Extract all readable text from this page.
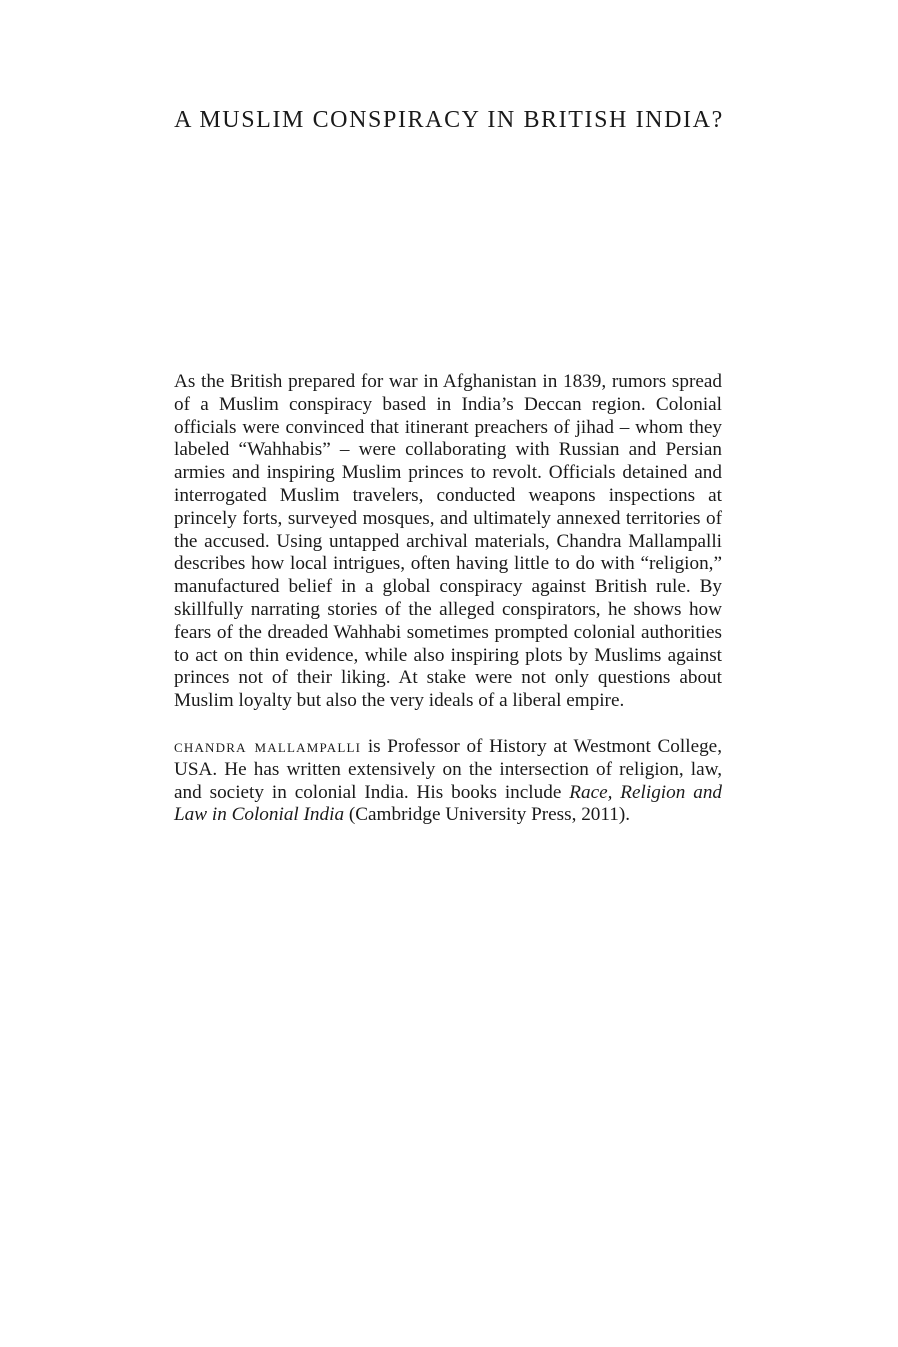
A MUSLIM CONSPIRACY IN BRITISH INDIA?

As the British prepared for war in Afghanistan in 1839, rumors spread of a Muslim conspiracy based in India’s Deccan region. Colonial officials were convinced that itinerant preachers of jihad – whom they labeled “Wahhabis” – were collaborating with Russian and Persian armies and inspiring Muslim princes to revolt. Officials detained and interrogated Muslim travelers, conducted weapons inspections at princely forts, surveyed mosques, and ultimately annexed territories of the accused. Using untapped archival materials, Chandra Mallampalli describes how local intrigues, often having little to do with “religion,” manufactured belief in a global conspiracy against British rule. By skillfully narrating stories of the alleged conspirators, he shows how fears of the dreaded Wahhabi sometimes prompted colonial authorities to act on thin evidence, while also inspiring plots by Muslims against princes not of their liking. At stake were not only questions about Muslim loyalty but also the very ideals of a liberal empire.

chandra mallampalli is Professor of History at Westmont College, USA. He has written extensively on the intersection of religion, law, and society in colonial India. His books include Race, Religion and Law in Colonial India (Cambridge University Press, 2011).
